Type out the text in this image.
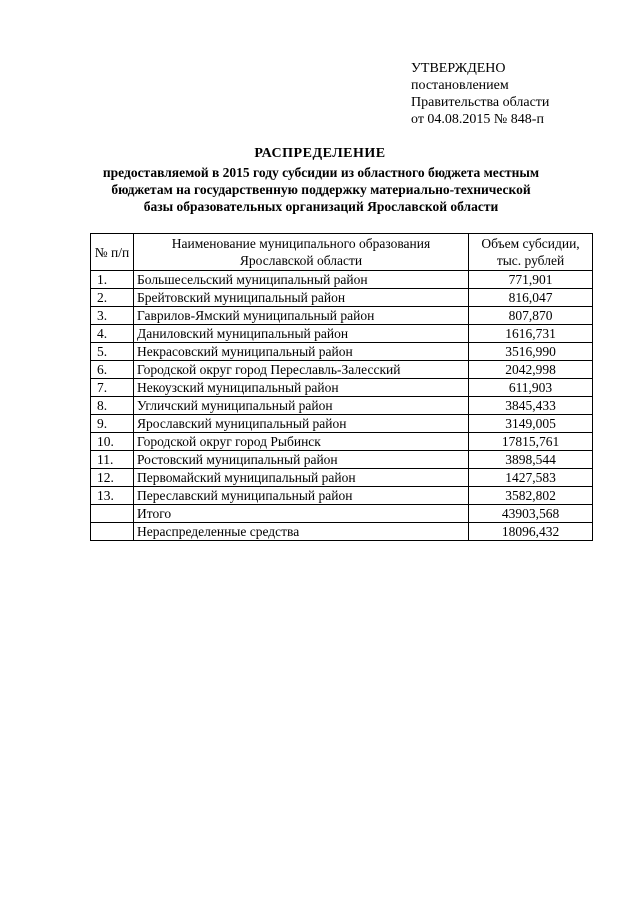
УТВЕРЖДЕНО
постановлением
Правительства области
от 04.08.2015 № 848-п
РАСПРЕДЕЛЕНИЕ
предоставляемой в 2015 году субсидии из областного бюджета местным бюджетам на государственную поддержку материально-технической базы образовательных организаций Ярославской области
№ п/п	Наименование муниципального образования Ярославской области	Объем субсидии, тыс. рублей
1.	Большесельский муниципальный район	771,901
2.	Брейтовский муниципальный район	816,047
3.	Гаврилов-Ямский муниципальный район	807,870
4.	Даниловский муниципальный район	1616,731
5.	Некрасовский муниципальный район	3516,990
6.	Городской округ город Переславль-Залесский	2042,998
7.	Некоузский муниципальный район	611,903
8.	Угличский муниципальный район	3845,433
9.	Ярославский муниципальный район	3149,005
10.	Городской округ город Рыбинск	17815,761
11.	Ростовский муниципальный район	3898,544
12.	Первомайский муниципальный район	1427,583
13.	Переславский муниципальный район	3582,802
	Итого	43903,568
	Нераспределенные средства	18096,432
